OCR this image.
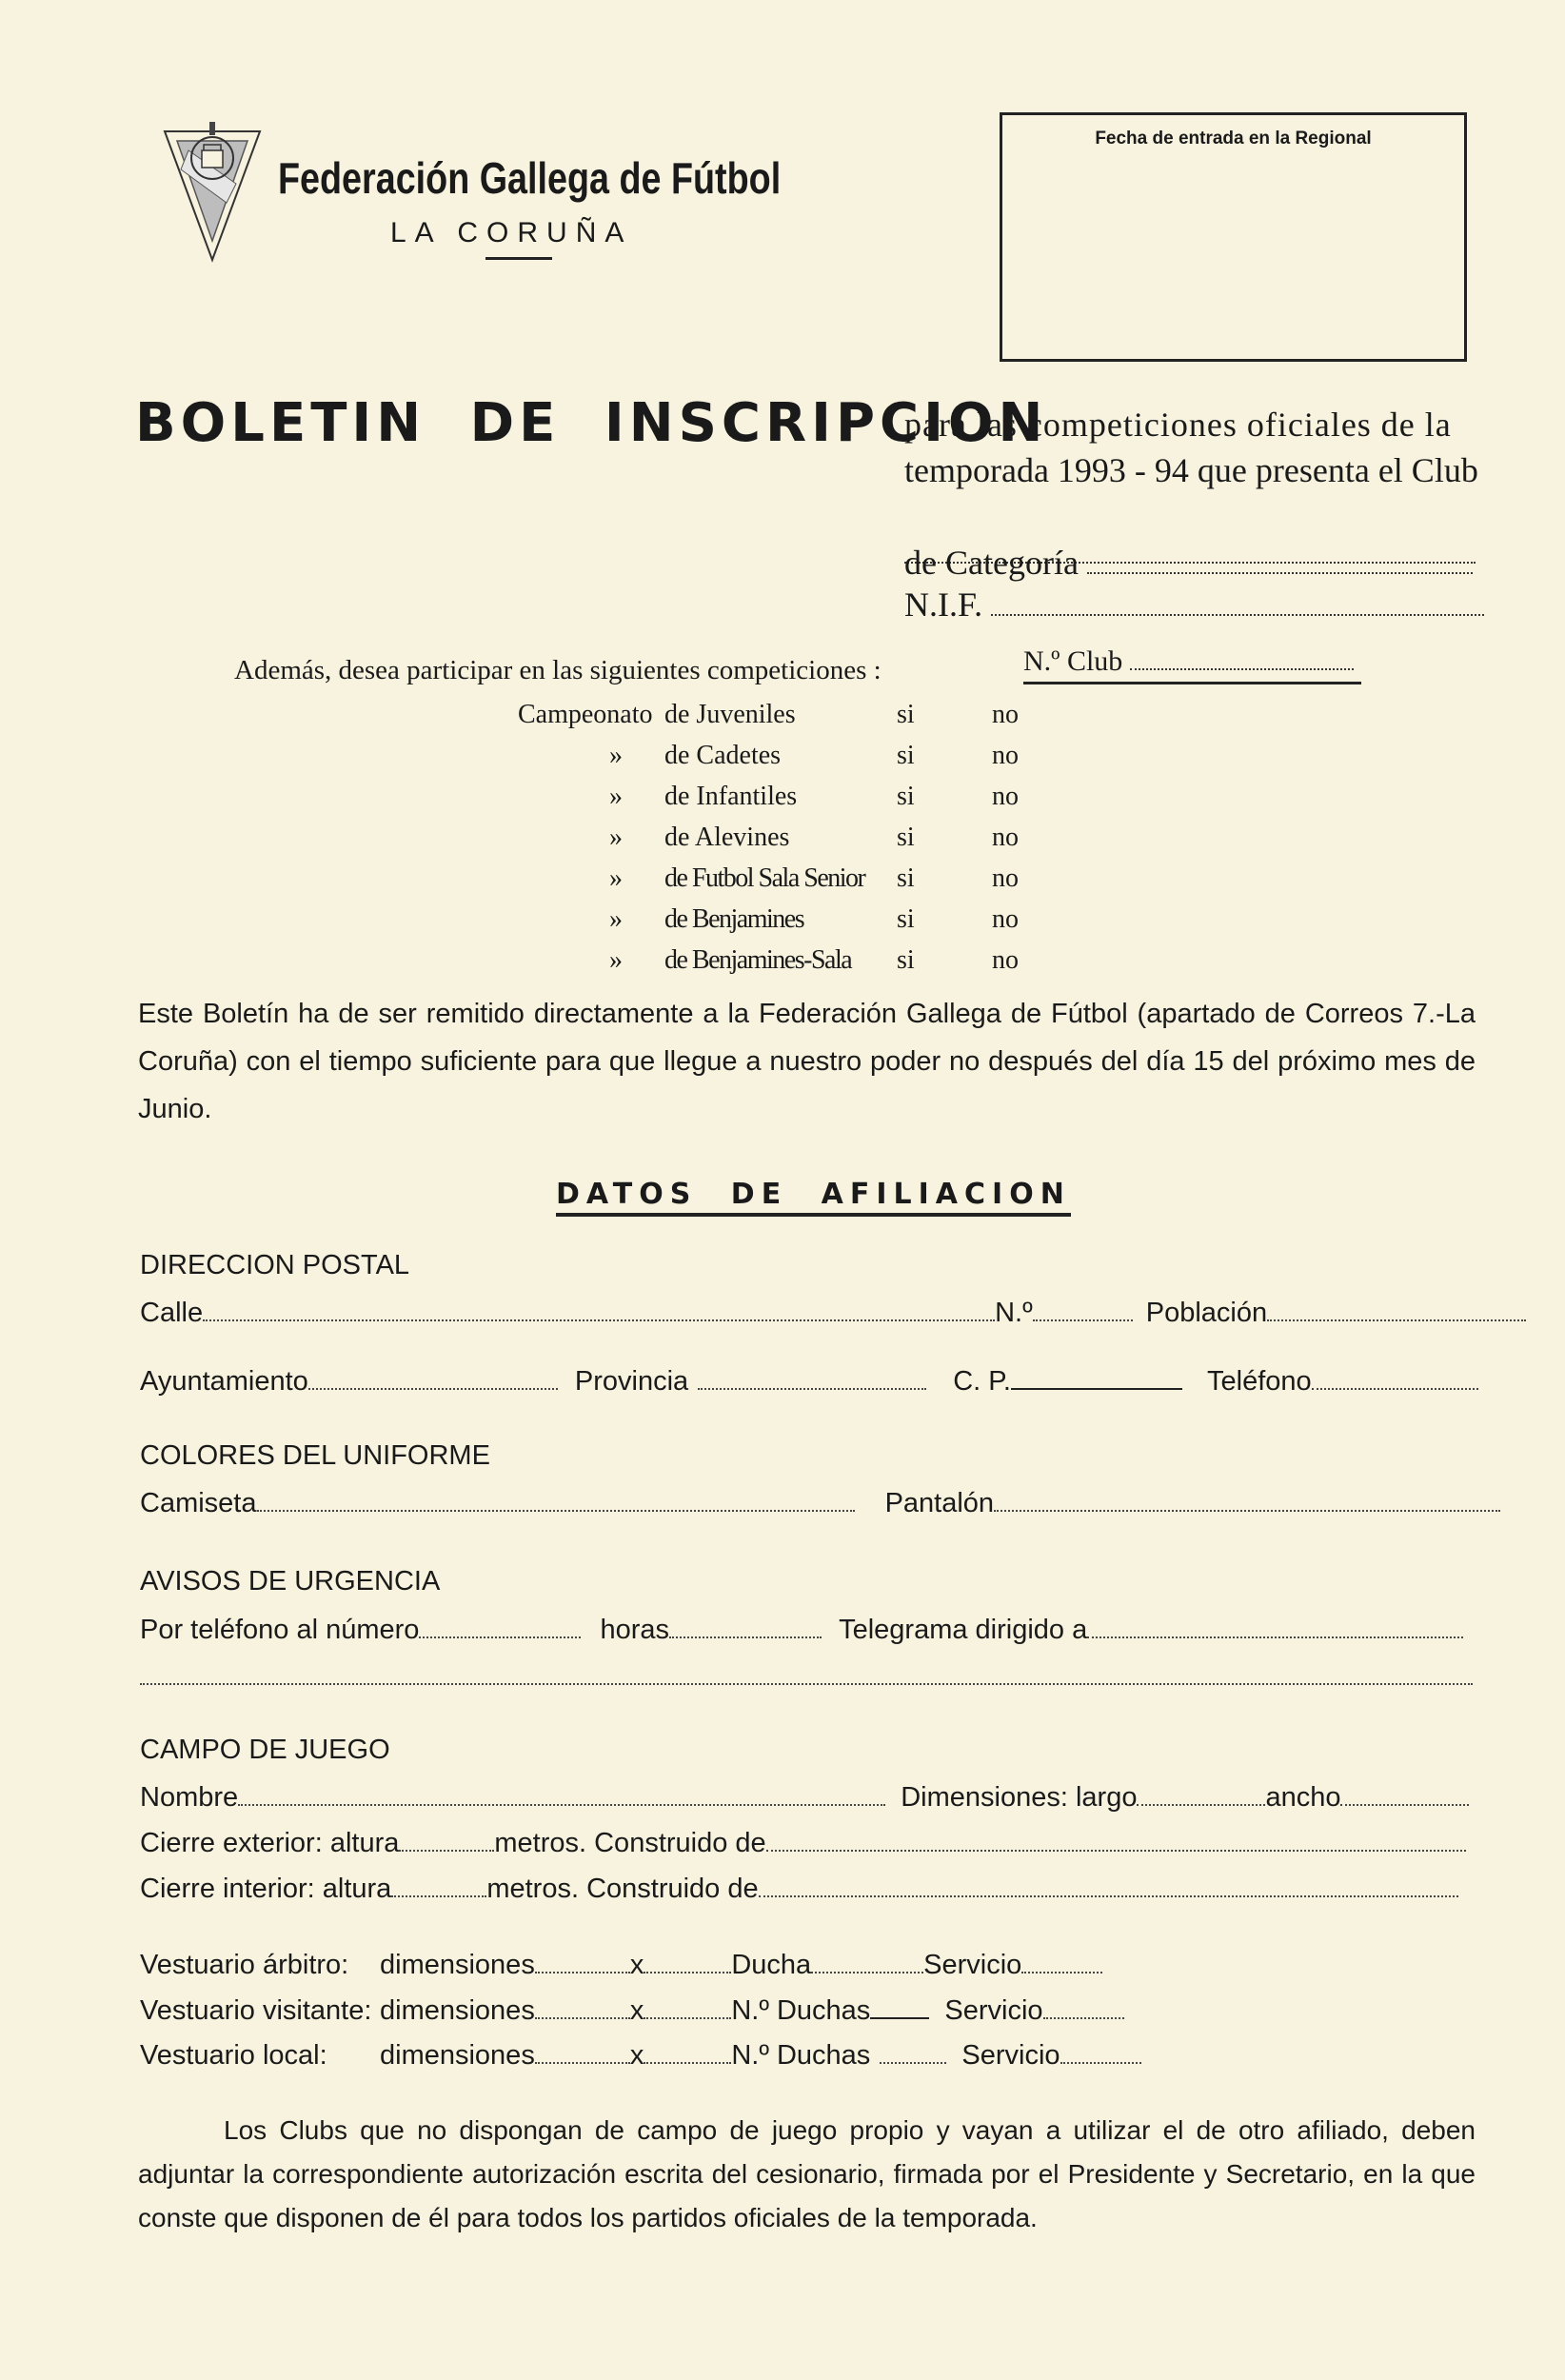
Federación Gallega de Fútbol
LA CORUÑA
Fecha de entrada en la Regional
BOLETIN DE INSCRIPCION
para las competiciones oficiales de la
temporada 1993 - 94 que presenta el Club
de Categoría
N.I.F.
N.º Club
Además, desea participar en las siguientes competiciones :
Campeonato de Juveniles	si	no
» de Cadetes	si	no
» de Infantiles	si	no
» de Alevines	si	no
» de Futbol Sala Senior si	no
» de Benjamines	si	no
» de Benjamines-Sala si	no
Este Boletín ha de ser remitido directamente a la Federación Gallega de Fútbol (apartado de Correos 7.-La Coruña) con el tiempo suficiente para que llegue a nuestro poder no después del día 15 del próximo mes de Junio.
DATOS DE AFILIACION
DIRECCION POSTAL
Calle	N.º	Población
Ayuntamiento	Provincia	C. P.	Teléfono
COLORES DEL UNIFORME
Camiseta	Pantalón
AVISOS DE URGENCIA
Por teléfono al número	horas	Telegrama dirigido a
CAMPO DE JUEGO
Nombre	Dimensiones: largo	ancho
Cierre exterior: altura	metros. Construido de
Cierre interior: altura	metros. Construido de
Vestuario árbitro: dimensiones	x	Ducha	Servicio
Vestuario visitante: dimensiones	x	N.º Duchas	Servicio
Vestuario local: dimensiones	x	N.º Duchas	Servicio
Los Clubs que no dispongan de campo de juego propio y vayan a utilizar el de otro afiliado, deben adjuntar la correspondiente autorización escrita del cesionario, firmada por el Presidente y Secretario, en la que conste que disponen de él para todos los partidos oficiales de la temporada.
